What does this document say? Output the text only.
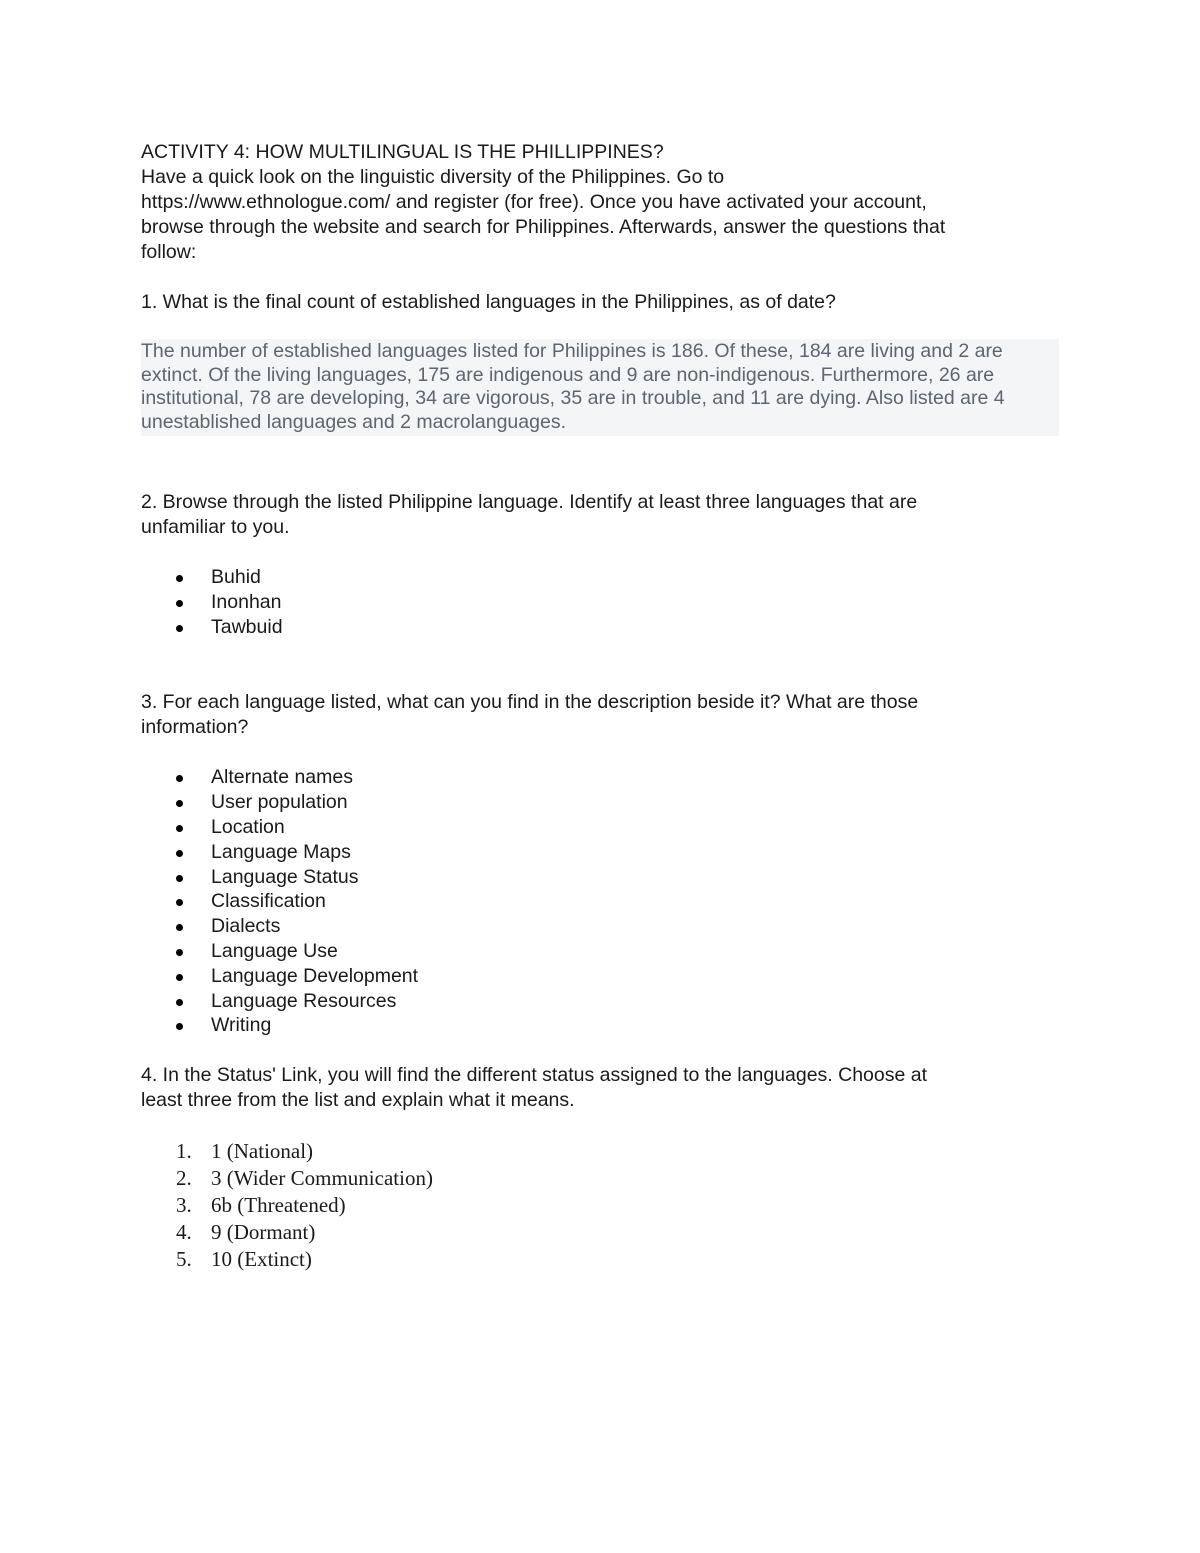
ACTIVITY 4: HOW MULTILINGUAL IS THE PHILLIPPINES?

Have a quick look on the linguistic diversity of the Philippines. Go to

https://www.ethnologue.com/ and register (for free). Once you have activated your account,

browse through the website and search for Philippines. Afterwards, answer the questions that

follow:

1. What is the final count of established languages in the Philippines, as of date?

The number of established languages listed for Philippines is 186. Of these, 184 are living and 2 are

extinct. Of the living languages, 175 are indigenous and 9 are non-indigenous. Furthermore, 26 are

institutional, 78 are developing, 34 are vigorous, 35 are in trouble, and 11 are dying. Also listed are 4

unestablished languages and 2 macrolanguages.

2. Browse through the listed Philippine language. Identify at least three languages that are

unfamiliar to you.

Buhid
Inonhan
Tawbuid

3. For each language listed, what can you find in the description beside it? What are those

information?

Alternate names
User population
Location
Language Maps
Language Status
Classification
Dialects
Language Use
Language Development
Language Resources
Writing

4. In the Status' Link, you will find the different status assigned to the languages. Choose at

least three from the list and explain what it means.

1. 1 (National)
2. 3 (Wider Communication)
3. 6b (Threatened)
4. 9 (Dormant)
5. 10 (Extinct)
